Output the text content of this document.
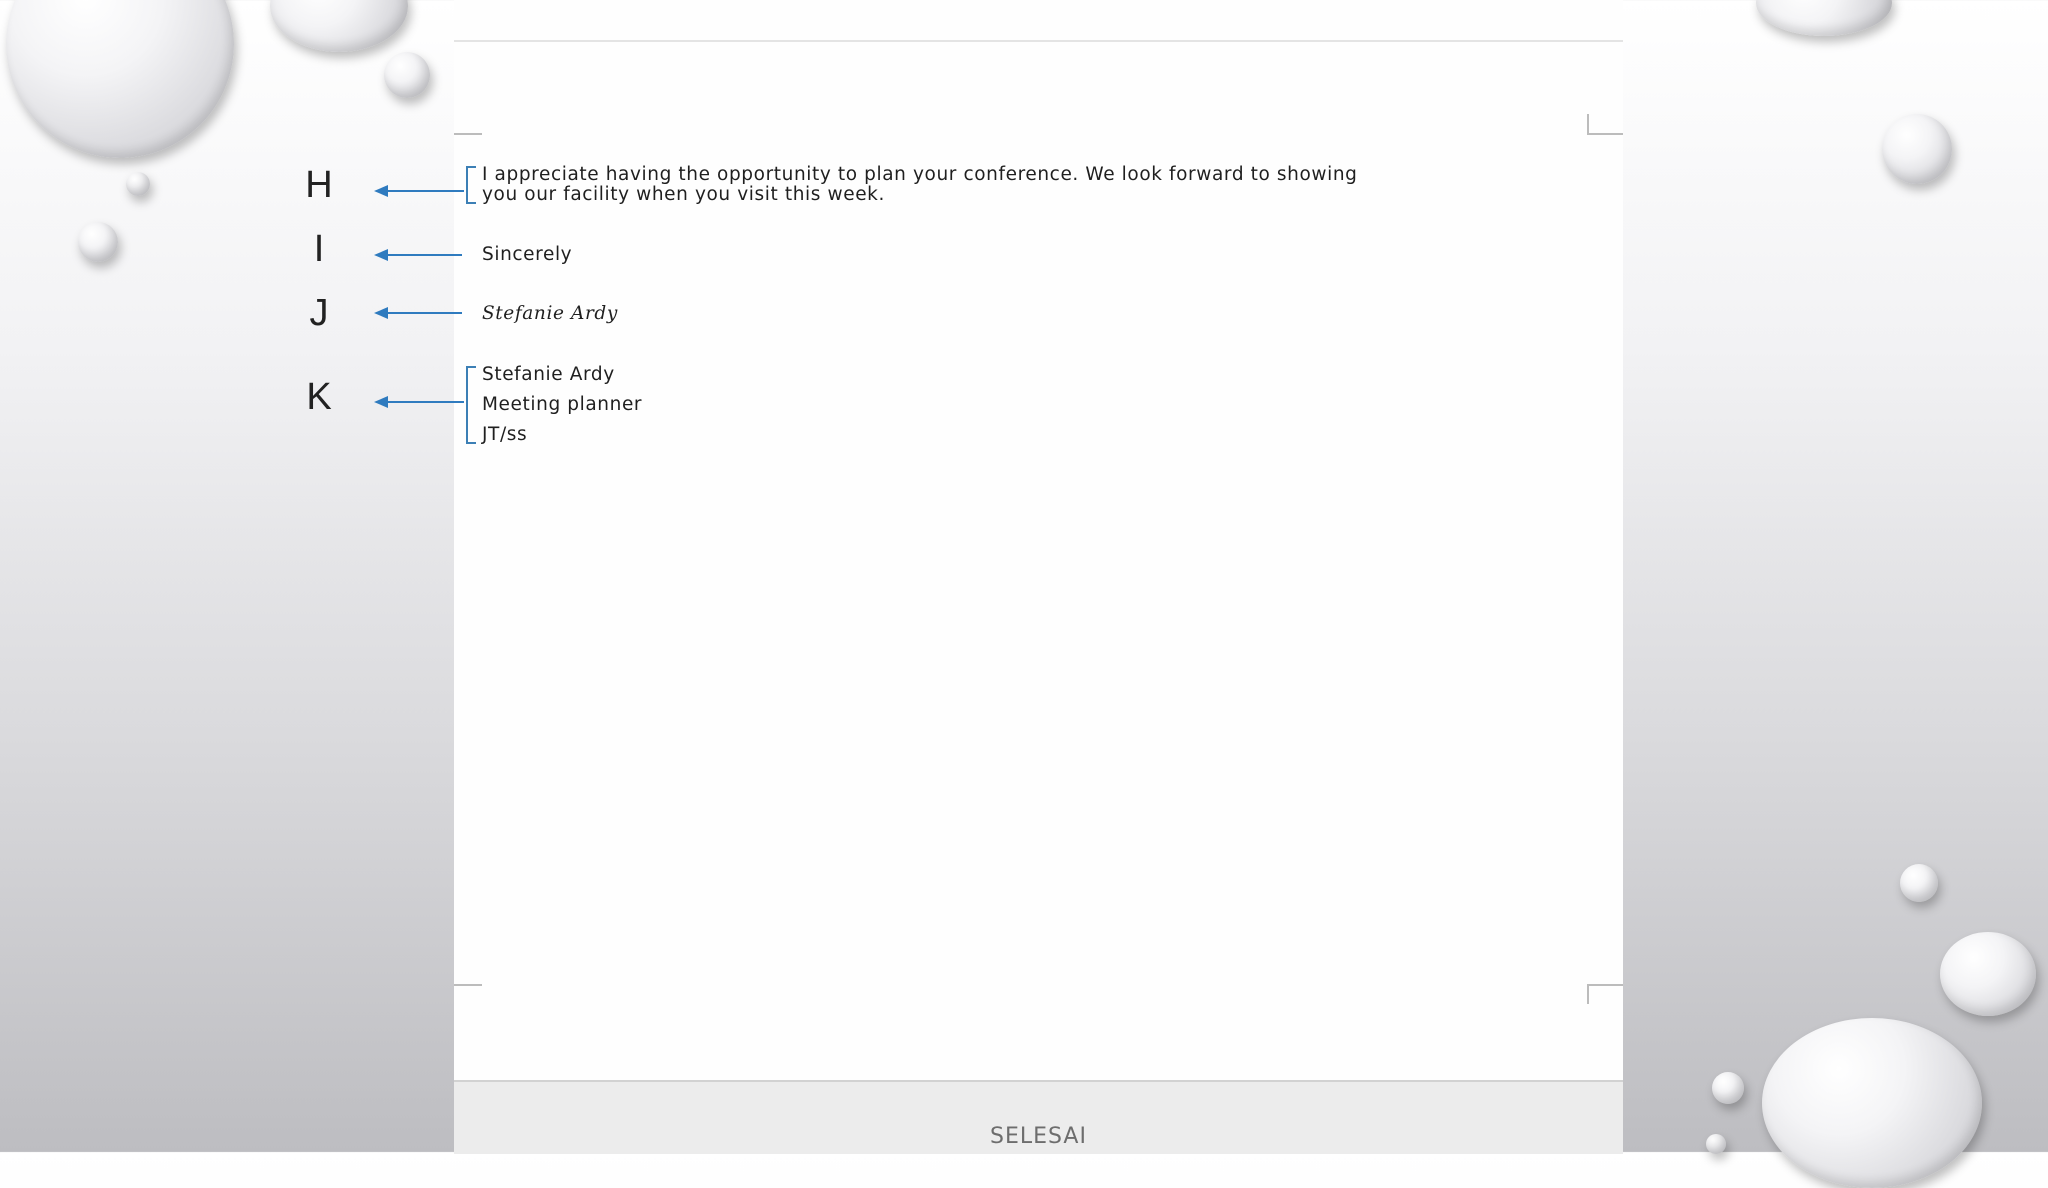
I appreciate having the opportunity to plan your conference. We look forward to showing

you our facility when you visit this week.

Sincerely

Stefanie Ardy

Stefanie Ardy

Meeting planner

JT/ss

H

I

J

K

SELESAI
